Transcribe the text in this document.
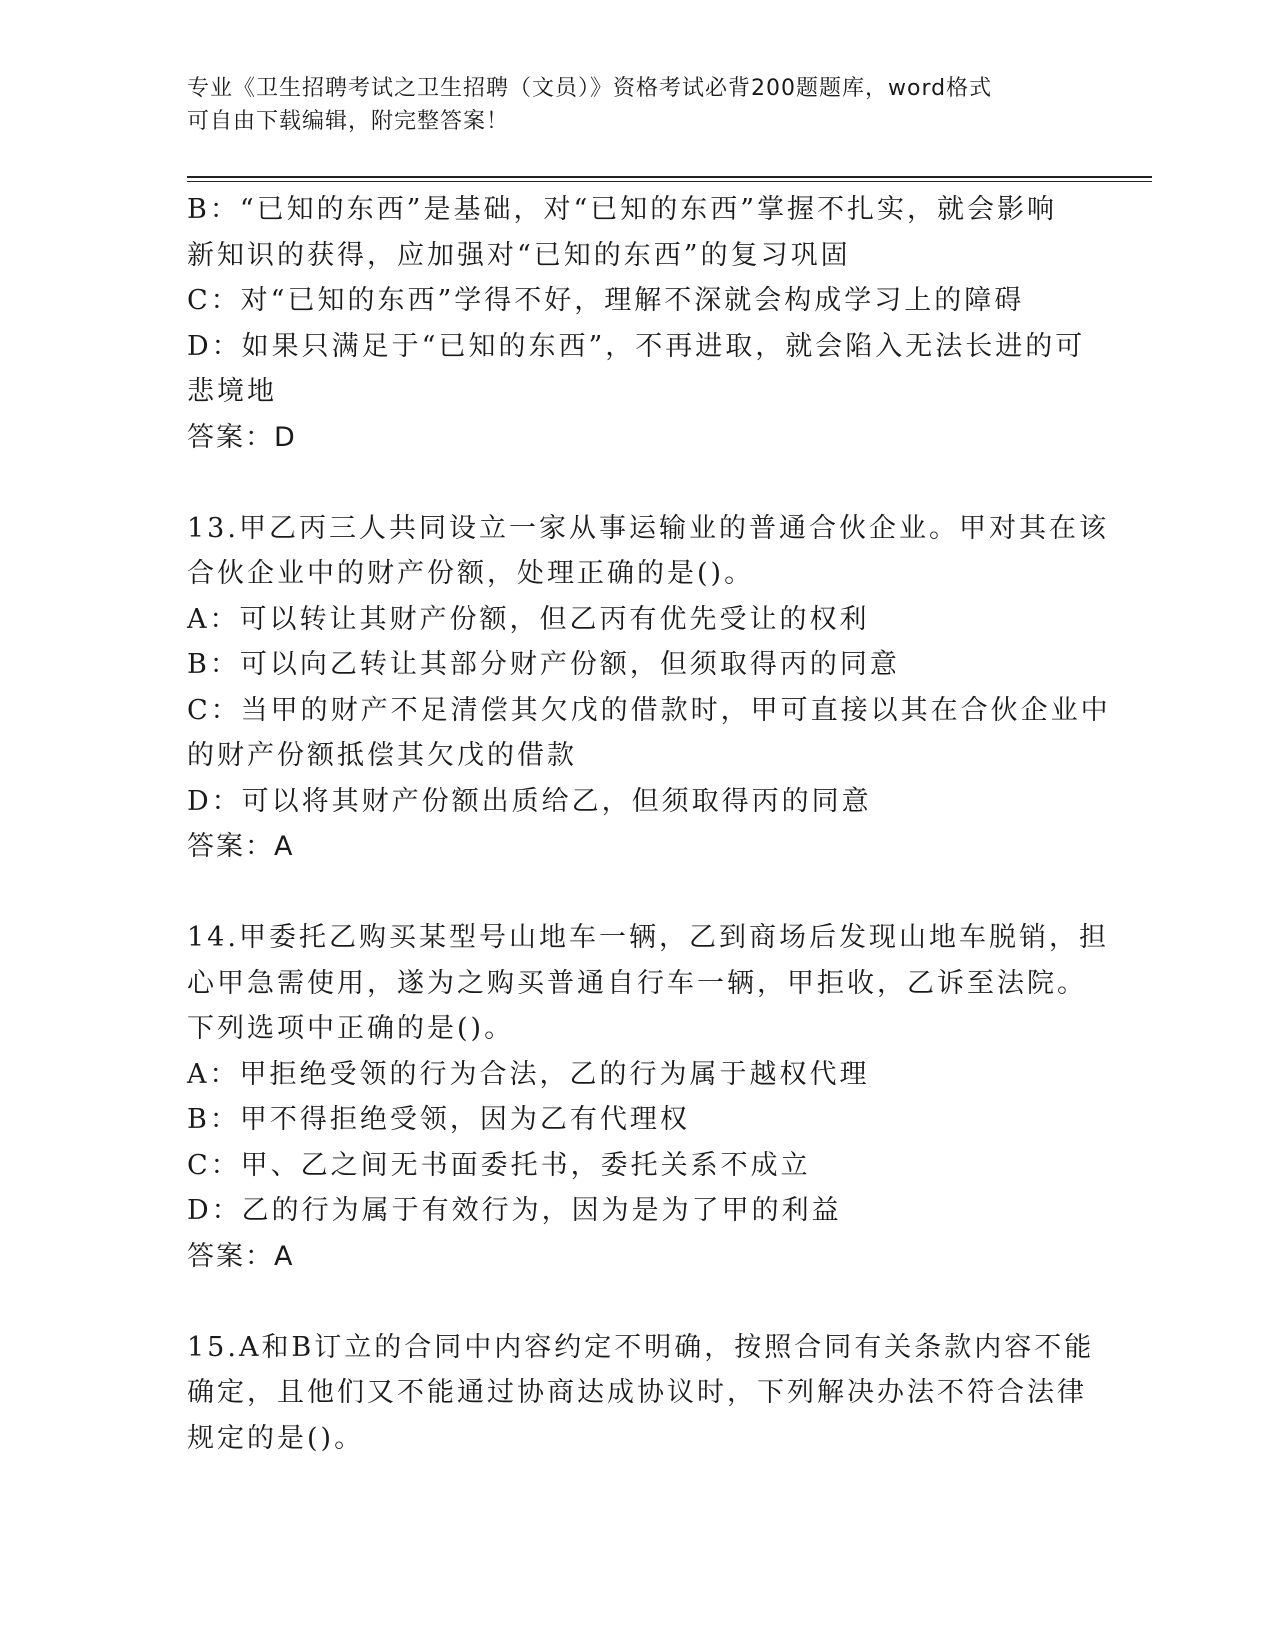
专业《卫生招聘考试之卫生招聘（文员）》资格考试必背200题题库，word格式
可自由下载编辑，附完整答案！
B：“已知的东西”是基础，对“已知的东西”掌握不扎实，就会影响
新知识的获得，应加强对“已知的东西”的复习巩固
C：对“已知的东西”学得不好，理解不深就会构成学习上的障碍
D：如果只满足于“已知的东西”，不再进取，就会陷入无法长进的可
悲境地
答案：D
13.甲乙丙三人共同设立一家从事运输业的普通合伙企业。甲对其在该
合伙企业中的财产份额，处理正确的是()。
A：可以转让其财产份额，但乙丙有优先受让的权利
B：可以向乙转让其部分财产份额，但须取得丙的同意
C：当甲的财产不足清偿其欠戊的借款时，甲可直接以其在合伙企业中
的财产份额抵偿其欠戊的借款
D：可以将其财产份额出质给乙，但须取得丙的同意
答案：A
14.甲委托乙购买某型号山地车一辆，乙到商场后发现山地车脱销，担
心甲急需使用，遂为之购买普通自行车一辆，甲拒收，乙诉至法院。
下列选项中正确的是()。
A：甲拒绝受领的行为合法，乙的行为属于越权代理
B：甲不得拒绝受领，因为乙有代理权
C：甲、乙之间无书面委托书，委托关系不成立
D：乙的行为属于有效行为，因为是为了甲的利益
答案：A
15.A和B订立的合同中内容约定不明确，按照合同有关条款内容不能
确定，且他们又不能通过协商达成协议时，下列解决办法不符合法律
规定的是()。
